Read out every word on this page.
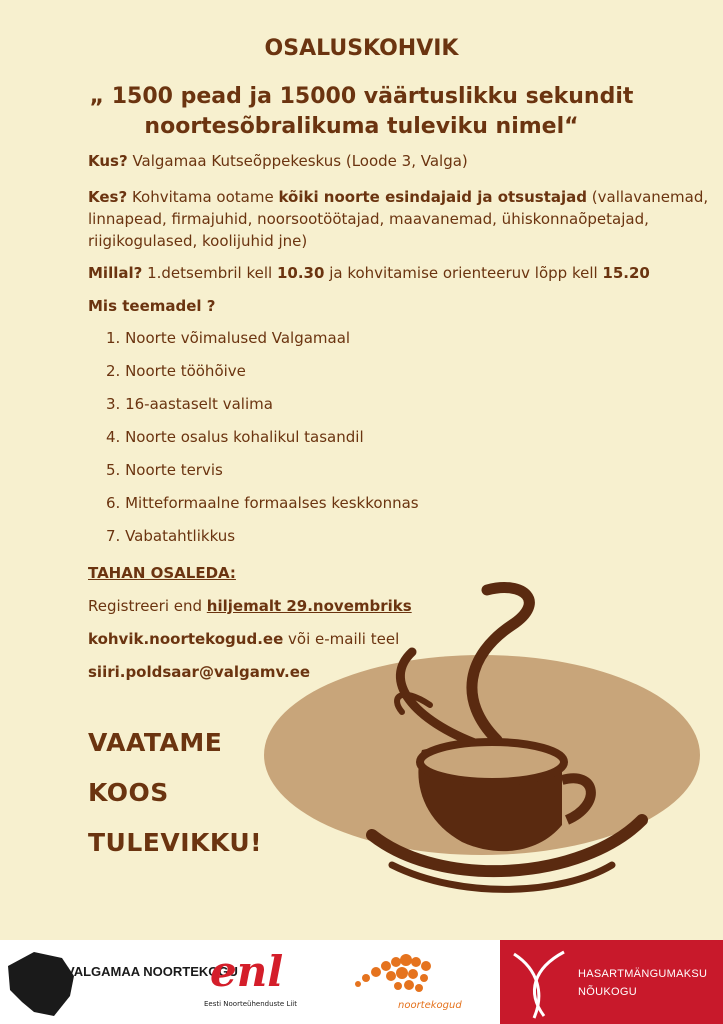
OSALUSKOHVIK
„ 1500 pead ja 15000 väärtuslikku sekundit
noortesõbralikuma tuleviku nimel“
Kus? Valgamaa Kutseõppekeskus (Loode 3, Valga)
Kes? Kohvitama ootame kõiki noorte esindajaid ja otsustajad (vallavanemad, linnapead, firmajuhid, noorsootöötajad, maavanemad, ühiskonnaõpetajad, riigikogulased, koolijuhid jne)
Millal? 1.detsembril kell 10.30 ja kohvitamise orienteeruv lõpp kell 15.20
Mis teemadel ?
1. Noorte võimalused Valgamaal
2. Noorte tööhõive
3. 16-aastaselt valima
4. Noorte osalus kohalikul tasandil
5. Noorte tervis
6. Mitteformaalne formaalses keskkonnas
7. Vabatahtlikkus
TAHAN OSALEDA:
Registreeri end hiljemalt 29.novembriks
kohvik.noortekogud.ee või e-maili teel
siiri.poldsaar@valgamv.ee
VAATAME
KOOS
TULEVIKKU!
VALGAMAA NOORTEKOGU
enl
Eesti Noorteühenduste Liit	noortekogud
HASARTMÄNGUMAKSU
NÕUKOGU
